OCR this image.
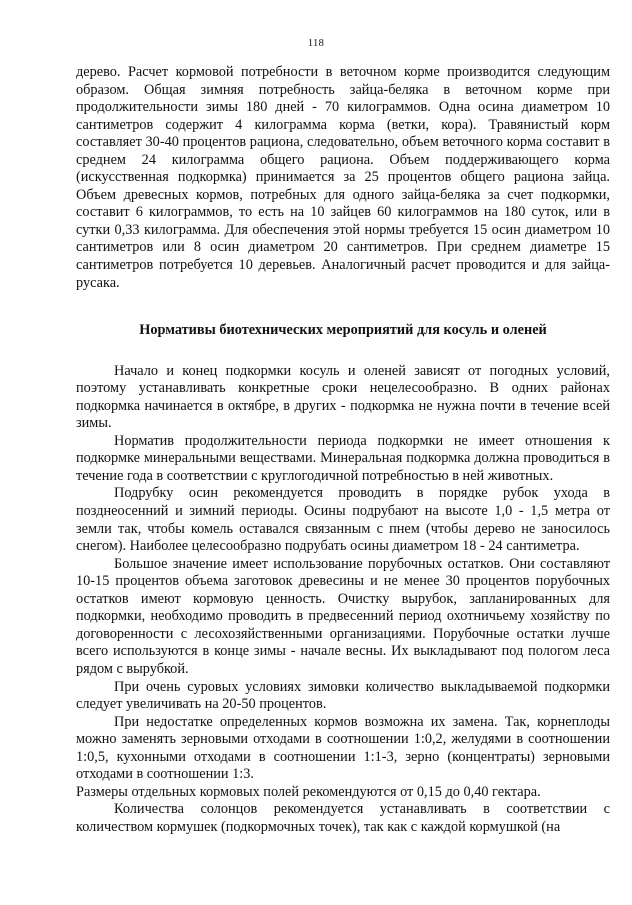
118

дерево. Расчет кормовой потребности в веточном корме производится следующим образом. Общая зимняя потребность зайца-беляка в веточном корме при продолжительности зимы 180 дней - 70 килограммов. Одна осина диаметром 10 сантиметров содержит 4 килограмма корма (ветки, кора). Травянистый корм составляет 30-40 процентов рациона, следовательно, объем веточного корма составит в среднем 24 килограмма общего рациона. Объем поддерживающего корма (искусственная подкормка) принимается за 25 процентов общего рациона зайца. Объем древесных кормов, потребных для одного зайца-беляка за счет подкормки, составит 6 килограммов, то есть на 10 зайцев 60 килограммов на 180 суток, или в сутки 0,33 килограмма. Для обеспечения этой нормы требуется 15 осин диаметром 10 сантиметров или 8 осин диаметром 20 сантиметров. При среднем диаметре 15 сантиметров потребуется 10 деревьев. Аналогичный расчет проводится и для зайца-русака.

Нормативы биотехнических мероприятий для косуль и оленей

Начало и конец подкормки косуль и оленей зависят от погодных условий, поэтому устанавливать конкретные сроки нецелесообразно. В одних районах подкормка начинается в октябре, в других - подкормка не нужна почти в течение всей зимы.

Норматив продолжительности периода подкормки не имеет отношения к подкормке минеральными веществами. Минеральная подкормка должна проводиться в течение года в соответствии с круглогодичной потребностью в ней животных.

Подрубку осин рекомендуется проводить в порядке рубок ухода в позднеосенний и зимний периоды. Осины подрубают на высоте 1,0 - 1,5 метра от земли так, чтобы комель оставался связанным с пнем (чтобы дерево не заносилось снегом). Наиболее целесообразно подрубать осины диаметром 18 - 24 сантиметра.

Большое значение имеет использование порубочных остатков. Они составляют 10-15 процентов объема заготовок древесины и не менее 30 процентов порубочных остатков имеют кормовую ценность. Очистку вырубок, запланированных для подкормки, необходимо проводить в предвесенний период охотничьему хозяйству по договоренности с лесохозяйственными организациями. Порубочные остатки лучше всего используются в конце зимы - начале весны. Их выкладывают под пологом леса рядом с вырубкой.

При очень суровых условиях зимовки количество выкладываемой подкормки следует увеличивать на 20-50 процентов.

При недостатке определенных кормов возможна их замена. Так, корнеплоды можно заменять зерновыми отходами в соотношении 1:0,2, желудями в соотношении 1:0,5, кухонными отходами в соотношении 1:1-3, зерно (концентраты) зерновыми отходами в соотношении 1:3.

Размеры отдельных кормовых полей рекомендуются от 0,15 до 0,40 гектара.

Количества солонцов рекомендуется устанавливать в соответствии с количеством кормушек (подкормочных точек), так как с каждой кормушкой (на
